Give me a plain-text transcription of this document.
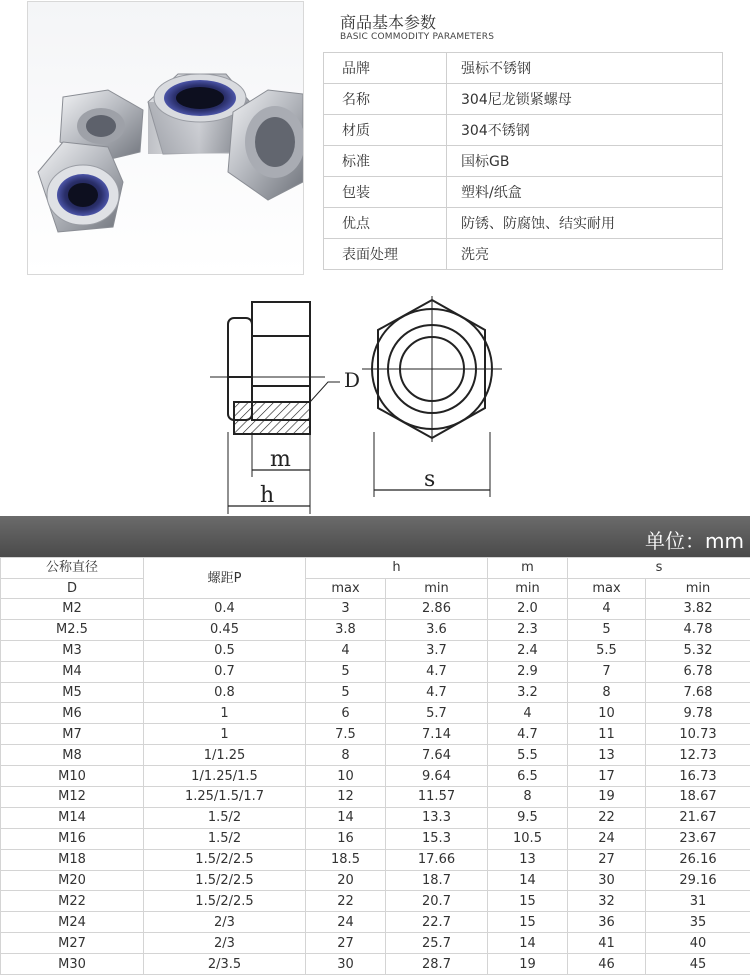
商品基本参数
BASIC COMMODITY PARAMETERS
品牌	强标不锈钢
名称	304尼龙锁紧螺母
材质	304不锈钢
标准	国标GB
包装	塑料/纸盒
优点	防锈、防腐蚀、结实耐用
表面处理	洗亮
D
m
h
s
单位：mm
公称直径	螺距P	h		m	s	
D		max	min	min	max	min
M2	0.4	3	2.86	2.0	4	3.82
M2.5	0.45	3.8	3.6	2.3	5	4.78
M3	0.5	4	3.7	2.4	5.5	5.32
M4	0.7	5	4.7	2.9	7	6.78
M5	0.8	5	4.7	3.2	8	7.68
M6	1	6	5.7	4	10	9.78
M7	1	7.5	7.14	4.7	11	10.73
M8	1/1.25	8	7.64	5.5	13	12.73
M10	1/1.25/1.5	10	9.64	6.5	17	16.73
M12	1.25/1.5/1.7	12	11.57	8	19	18.67
M14	1.5/2	14	13.3	9.5	22	21.67
M16	1.5/2	16	15.3	10.5	24	23.67
M18	1.5/2/2.5	18.5	17.66	13	27	26.16
M20	1.5/2/2.5	20	18.7	14	30	29.16
M22	1.5/2/2.5	22	20.7	15	32	31
M24	2/3	24	22.7	15	36	35
M27	2/3	27	25.7	14	41	40
M30	2/3.5	30	28.7	19	46	45
